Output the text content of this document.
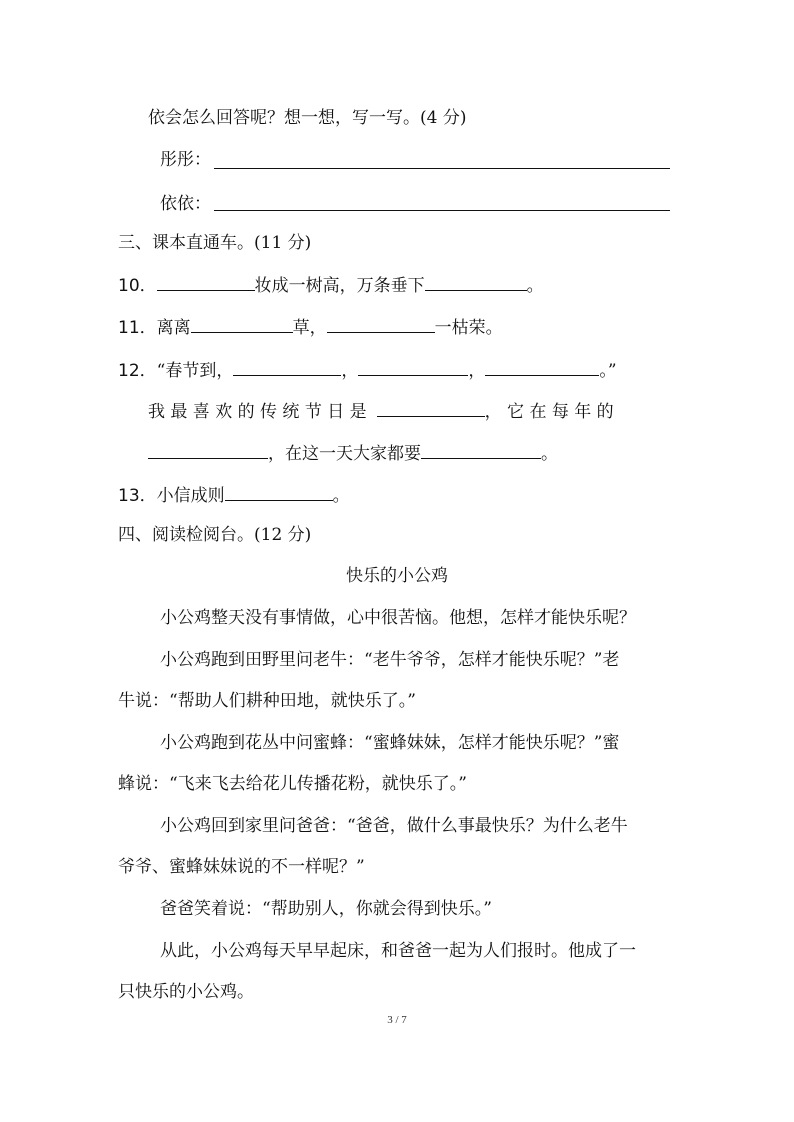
依会怎么回答呢？想一想，写一写。(4 分)
彤彤：
依依：
三、课本直通车。(11 分)
10．	妆成一树高，万条垂下	。
11．离离	草，	一枯荣。
12．“春节到，	，	，	。”
我 最 喜 欢 的 传 统 节 日 是	， 它 在 每 年 的
，在这一天大家都要	。
13．小信成则	。
四、阅读检阅台。(12 分)
快乐的小公鸡
小公鸡整天没有事情做，心中很苦恼。他想，怎样才能快乐呢？
小公鸡跑到田野里问老牛：“老牛爷爷，怎样才能快乐呢？”老
牛说：“帮助人们耕种田地，就快乐了。”
小公鸡跑到花丛中问蜜蜂：“蜜蜂妹妹，怎样才能快乐呢？”蜜
蜂说：“飞来飞去给花儿传播花粉，就快乐了。”
小公鸡回到家里问爸爸：“爸爸，做什么事最快乐？为什么老牛
爷爷、蜜蜂妹妹说的不一样呢？”
爸爸笑着说：“帮助别人，你就会得到快乐。”
从此，小公鸡每天早早起床，和爸爸一起为人们报时。他成了一
只快乐的小公鸡。
3 / 7
